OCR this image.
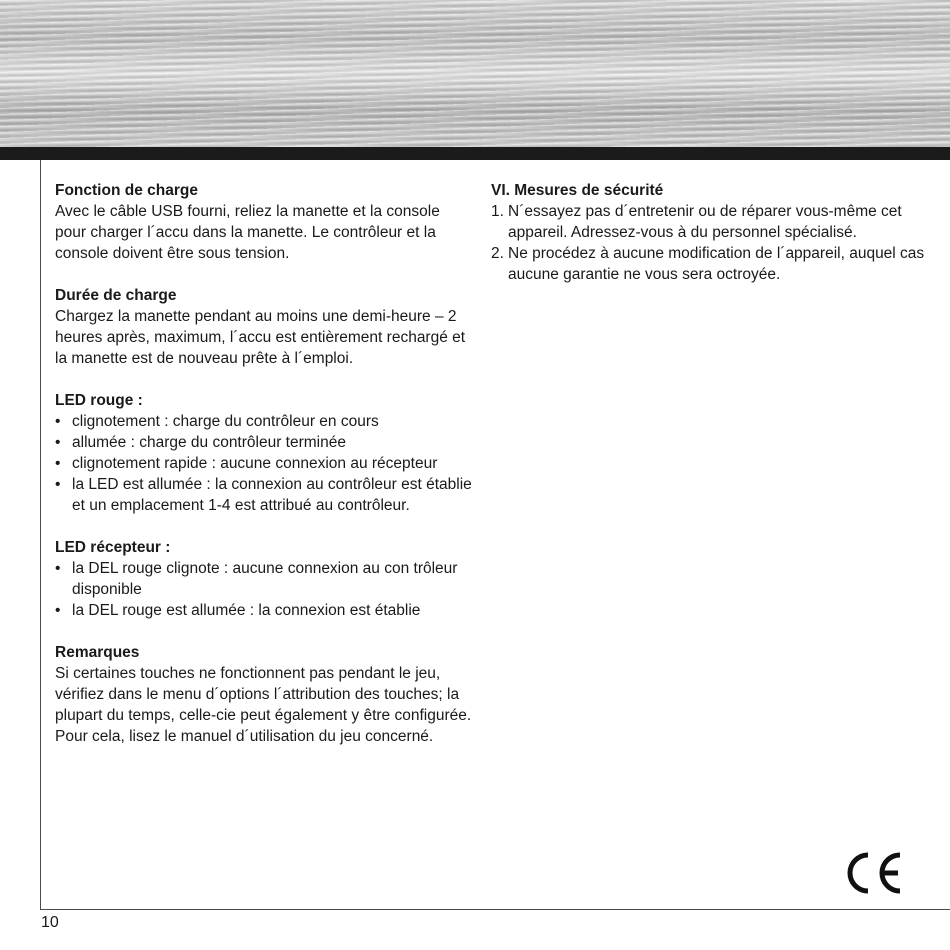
Fonction de charge

Avec le câble USB fourni, reliez la manette et la console pour charger l´accu dans la manette. Le contrôleur et la console doivent être sous tension.

Durée de charge

Chargez la manette pendant au moins une demi-heure – 2 heures après, maximum, l´accu est entièrement rechargé et la manette est de nouveau prête à l´emploi.

LED rouge :
• clignotement : charge du contrôleur en cours
• allumée : charge du contrôleur terminée
• clignotement rapide : aucune connexion au récepteur
• la LED est allumée : la connexion au contrôleur est établie et un emplacement 1-4 est attribué au contrôleur.
LED récepteur :
• la DEL rouge clignote : aucune connexion au con trôleur disponible
• la DEL rouge est allumée : la connexion est établie
Remarques

Si certaines touches ne fonctionnent pas pendant le jeu, vérifiez dans le menu d´options l´attribution des touches; la plupart du temps, celle-cie peut également y être configurée. Pour cela, lisez le manuel d´utilisation du jeu concerné.

VI. Mesures de sécurité
1. N´essayez pas d´entretenir ou de réparer vous-même cet appareil. Adressez-vous à du personnel spécialisé.
2. Ne procédez à aucune modification de l´appareil, auquel cas aucune garantie ne vous sera octroyée.
10
